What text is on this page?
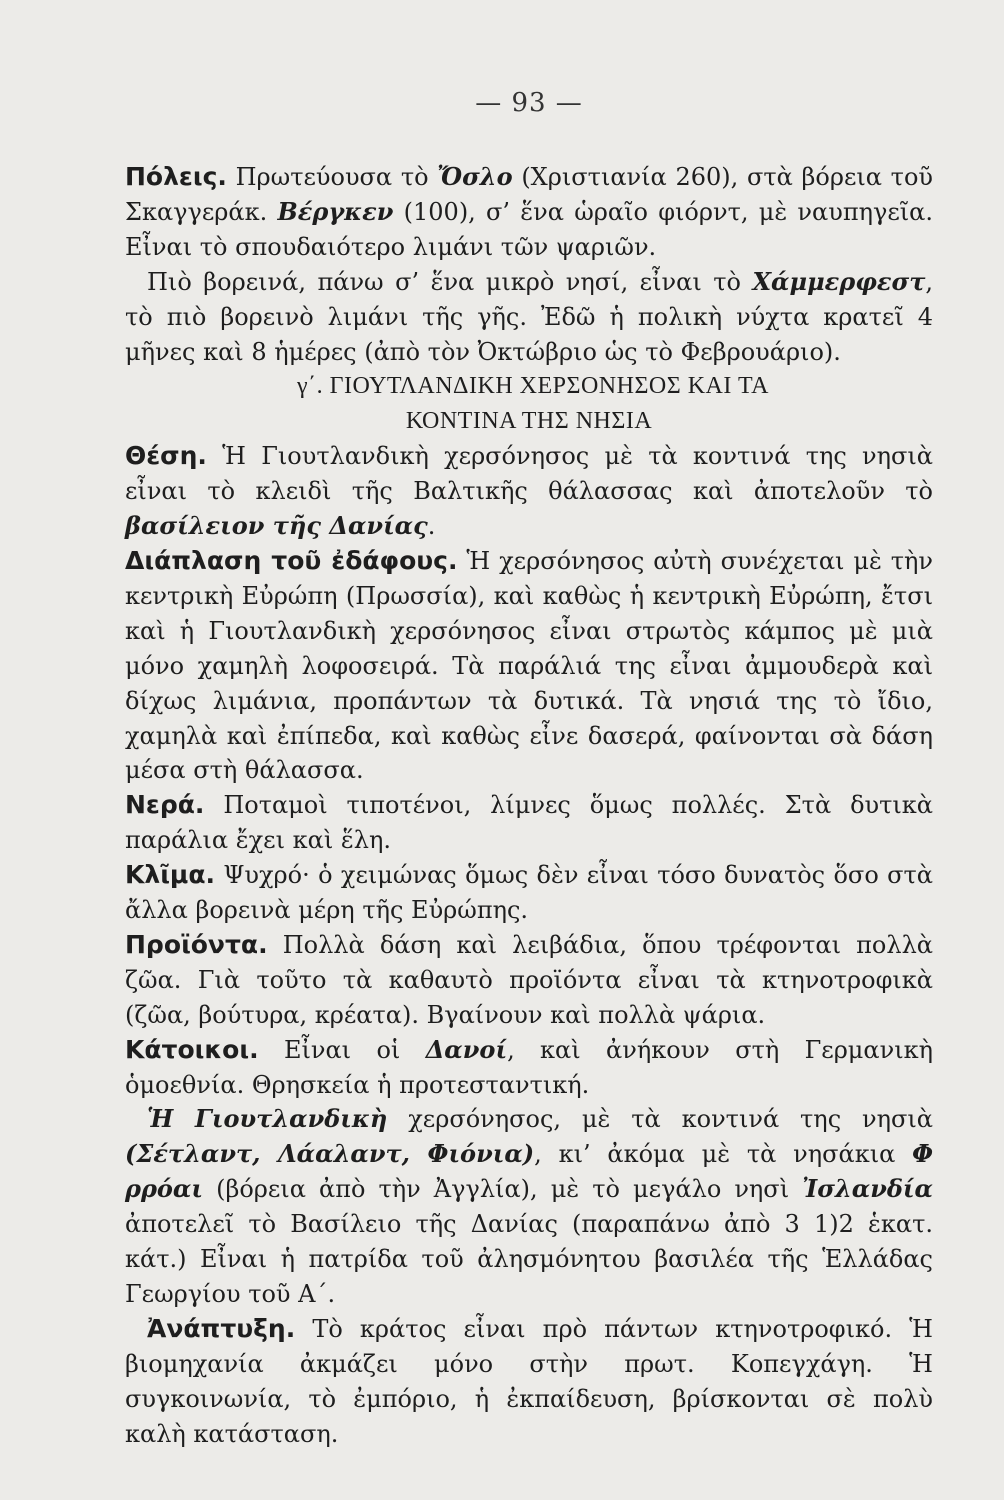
— 93 —

Πόλεις. Πρωτεύουσα τὸ Ὄσλο (Χριστιανία 260), στὰ βόρεια τοῦ Σκαγγεράκ. Βέργκεν (100), σ’ ἕνα ὡραῖο φιόρντ, μὲ ναυπηγεῖα. Εἶναι τὸ σπουδαιότερο λιμάνι τῶν ψαριῶν.

Πιὸ βορεινά, πάνω σ’ ἕνα μικρὸ νησί, εἶναι τὸ Χάμμερφεστ, τὸ πιὸ βορεινὸ λιμάνι τῆς γῆς. Ἐδῶ ἡ πολικὴ νύχτα κρατεῖ 4 μῆνες καὶ 8 ἡμέρες (ἀπὸ τὸν Ὀκτώβριο ὡς τὸ Φεβρουάριο).

γ΄. ΓΙΟΥΤΛΑΝΔΙΚΗ ΧΕΡΣΟΝΗΣΟΣ ΚΑΙ ΤΑ
ΚΟΝΤΙΝΑ ΤΗΣ ΝΗΣΙΑ

Θέση. Ἡ Γιουτλανδικὴ χερσόνησος μὲ τὰ κοντινά της νησιὰ εἶναι τὸ κλειδὶ τῆς Βαλτικῆς θάλασσας καὶ ἀποτελοῦν τὸ βασίλειον τῆς Δανίας.

Διάπλαση τοῦ ἐδάφους. Ἡ χερσόνησος αὐτὴ συνέχεται μὲ τὴν κεντρικὴ Εὐρώπη (Πρωσσία), καὶ καθὼς ἡ κεντρικὴ Εὐρώπη, ἔτσι καὶ ἡ Γιουτλανδικὴ χερσόνησος εἶναι στρωτὸς κάμπος μὲ μιὰ μόνο χαμηλὴ λοφοσειρά. Τὰ παράλιά της εἶναι ἀμμουδερὰ καὶ δίχως λιμάνια, προπάντων τὰ δυτικά. Τὰ νησιά της τὸ ἴδιο, χαμηλὰ καὶ ἐπίπεδα, καὶ καθὼς εἶνε δασερά, φαίνονται σὰ δάση μέσα στὴ θάλασσα.

Νερά. Ποταμοὶ τιποτένοι, λίμνες ὅμως πολλές. Στὰ δυτικὰ παράλια ἔχει καὶ ἕλη.

Κλῖμα. Ψυχρό· ὁ χειμώνας ὅμως δὲν εἶναι τόσο δυνατὸς ὅσο στὰ ἄλλα βορεινὰ μέρη τῆς Εὐρώπης.

Προϊόντα. Πολλὰ δάση καὶ λειβάδια, ὅπου τρέφονται πολλὰ ζῶα. Γιὰ τοῦτο τὰ καθαυτὸ προϊόντα εἶναι τὰ κτηνοτροφικὰ (ζῶα, βούτυρα, κρέατα). Βγαίνουν καὶ πολλὰ ψάρια.

Κάτοικοι. Εἶναι οἱ Δανοί, καὶ ἀνήκουν στὴ Γερμανικὴ ὁμοεθνία. Θρησκεία ἡ προτεσταντική.

Ἡ Γιουτλανδικὴ χερσόνησος, μὲ τὰ κοντινά της νησιὰ (Σέτλαντ, Λάαλαντ, Φιόνια), κι’ ἀκόμα μὲ τὰ νησάκια Φ ρρόαι (βόρεια ἀπὸ τὴν Ἀγγλία), μὲ τὸ μεγάλο νησὶ Ἰσλανδία ἀποτελεῖ τὸ Βασίλειο τῆς Δανίας (παραπάνω ἀπὸ 3 1)2 ἑκατ. κάτ.) Εἶναι ἡ πατρίδα τοῦ ἀλησμόνητου βασιλέα τῆς Ἑλλάδας Γεωργίου τοῦ Α΄.

Ἀνάπτυξη. Τὸ κράτος εἶναι πρὸ πάντων κτηνοτροφικό. Ἡ βιομηχανία ἀκμάζει μόνο στὴν πρωτ. Κοπεγχάγη. Ἡ συγκοινωνία, τὸ ἐμπόριο, ἡ ἐκπαίδευση, βρίσκονται σὲ πολὺ καλὴ κατάσταση.
